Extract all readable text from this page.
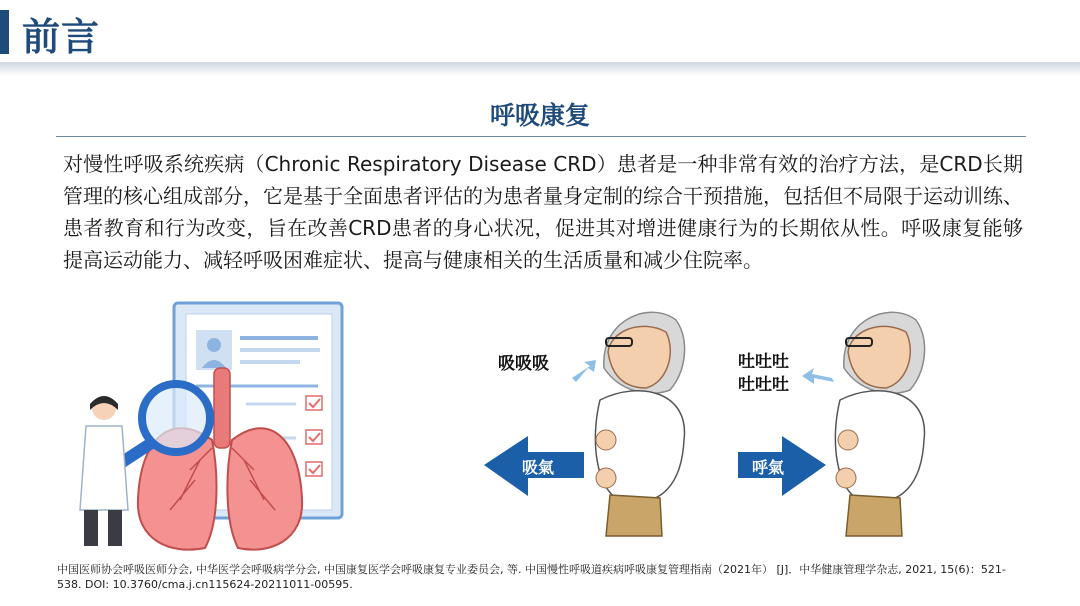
前言
呼吸康复
对慢性呼吸系统疾病（Chronic Respiratory Disease CRD）患者是一种非常有效的治疗方法，是CRD长期管理的核心组成部分，它是基于全面患者评估的为患者量身定制的综合干预措施，包括但不局限于运动训练、患者教育和行为改变，旨在改善CRD患者的身心状况，促进其对增进健康行为的长期依从性。呼吸康复能够提高运动能力、减轻呼吸困难症状、提高与健康相关的生活质量和减少住院率。
吸吸吸
吸氣
吐吐吐
吐吐吐
呼氣
中国医师协会呼吸医师分会, 中华医学会呼吸病学分会, 中国康复医学会呼吸康复专业委员会, 等. 中国慢性呼吸道疾病呼吸康复管理指南（2021年） [J]．中华健康管理学杂志, 2021, 15(6)：521-538. DOI: 10.3760/cma.j.cn115624-20211011-00595.
